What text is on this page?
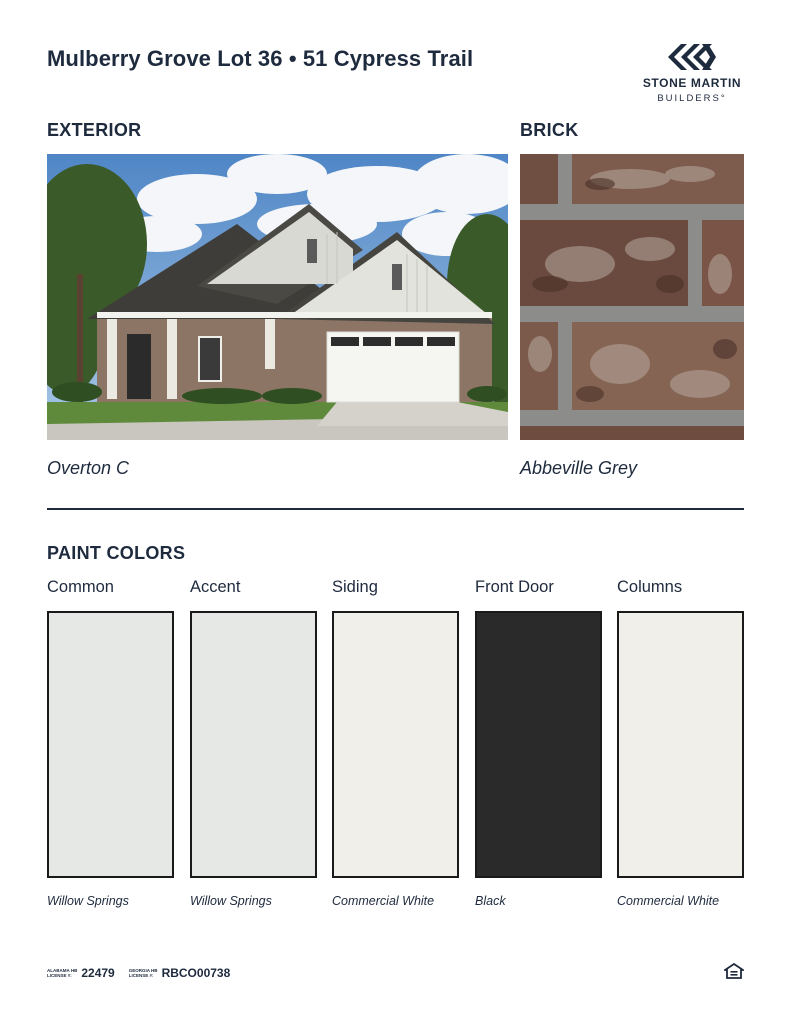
Mulberry Grove Lot 36 • 51 Cypress Trail
STONE MARTIN
BUILDERS°
EXTERIOR	BRICK
Overton C	Abbeville Grey
PAINT COLORS
Common
Willow Springs
Accent
Willow Springs
Siding
Commercial White
Front Door
Black
Columns
Commercial White
ALABAMA HB
LICENSE #: 22479	GEORGIA HB
LICENSE #: RBCO00738
